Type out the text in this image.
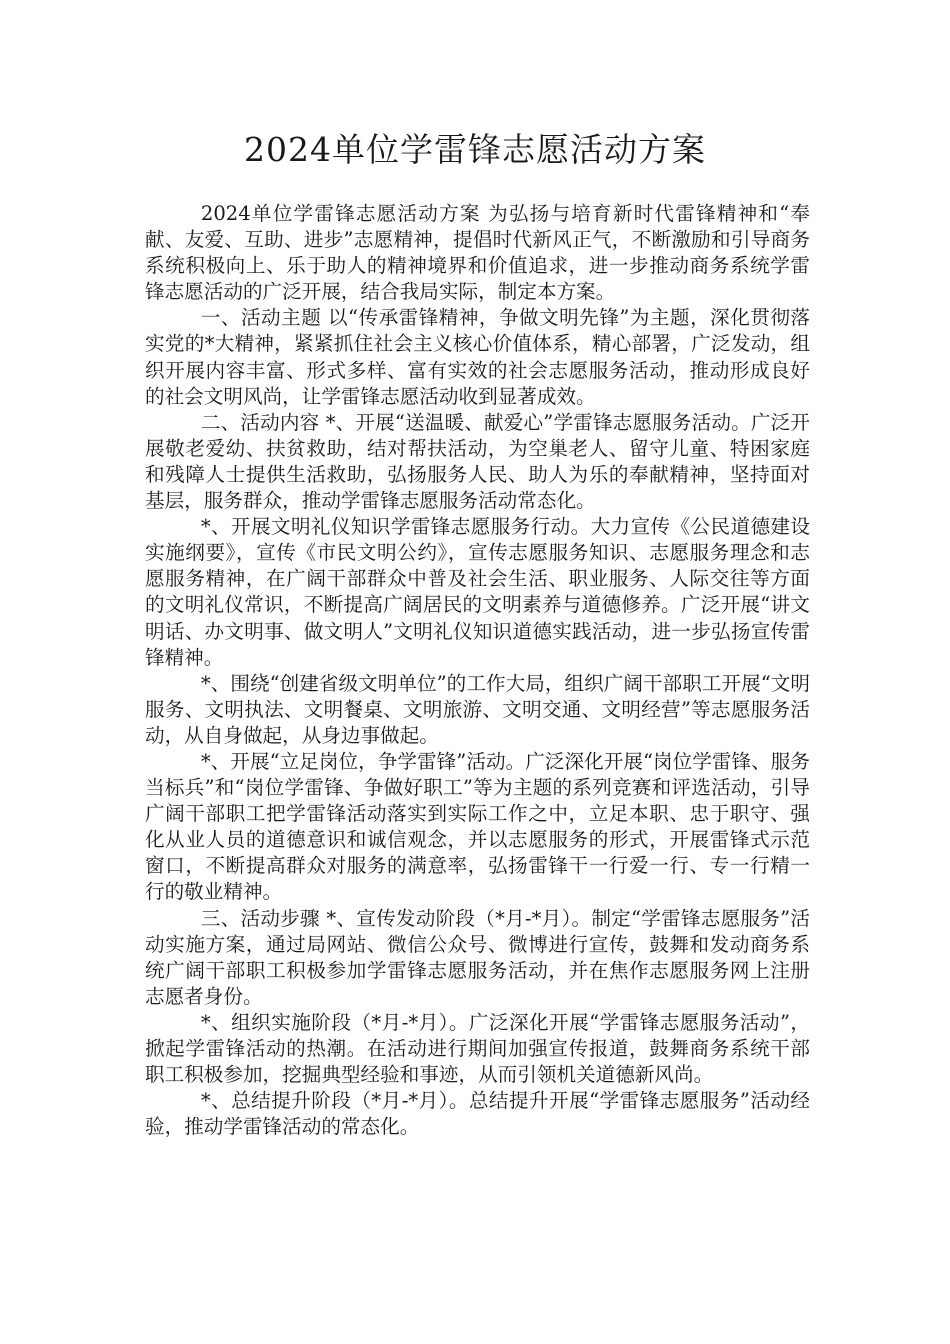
2024单位学雷锋志愿活动方案

2024单位学雷锋志愿活动方案 为弘扬与培育新时代雷锋精神和“奉献、友爱、互助、进步”志愿精神，提倡时代新风正气，不断激励和引导商务系统积极向上、乐于助人的精神境界和价值追求，进一步推动商务系统学雷锋志愿活动的广泛开展，结合我局实际，制定本方案。

一、活动主题 以“传承雷锋精神，争做文明先锋”为主题，深化贯彻落实党的*大精神，紧紧抓住社会主义核心价值体系，精心部署，广泛发动，组织开展内容丰富、形式多样、富有实效的社会志愿服务活动，推动形成良好的社会文明风尚，让学雷锋志愿活动收到显著成效。

二、活动内容 *、开展“送温暖、献爱心”学雷锋志愿服务活动。广泛开展敬老爱幼、扶贫救助，结对帮扶活动，为空巢老人、留守儿童、特困家庭和残障人士提供生活救助，弘扬服务人民、助人为乐的奉献精神，坚持面对基层，服务群众，推动学雷锋志愿服务活动常态化。

*、开展文明礼仪知识学雷锋志愿服务行动。大力宣传《公民道德建设实施纲要》，宣传《市民文明公约》，宣传志愿服务知识、志愿服务理念和志愿服务精神，在广阔干部群众中普及社会生活、职业服务、人际交往等方面的文明礼仪常识，不断提高广阔居民的文明素养与道德修养。广泛开展“讲文明话、办文明事、做文明人”文明礼仪知识道德实践活动，进一步弘扬宣传雷锋精神。

*、围绕“创建省级文明单位”的工作大局，组织广阔干部职工开展“文明服务、文明执法、文明餐桌、文明旅游、文明交通、文明经营”等志愿服务活动，从自身做起，从身边事做起。

*、开展“立足岗位，争学雷锋”活动。广泛深化开展“岗位学雷锋、服务当标兵”和“岗位学雷锋、争做好职工”等为主题的系列竞赛和评选活动，引导广阔干部职工把学雷锋活动落实到实际工作之中，立足本职、忠于职守、强化从业人员的道德意识和诚信观念，并以志愿服务的形式，开展雷锋式示范窗口，不断提高群众对服务的满意率，弘扬雷锋干一行爱一行、专一行精一行的敬业精神。

三、活动步骤 *、宣传发动阶段（*月-*月）。制定“学雷锋志愿服务”活动实施方案，通过局网站、微信公众号、微博进行宣传，鼓舞和发动商务系统广阔干部职工积极参加学雷锋志愿服务活动，并在焦作志愿服务网上注册志愿者身份。

*、组织实施阶段（*月-*月）。广泛深化开展“学雷锋志愿服务活动”，掀起学雷锋活动的热潮。在活动进行期间加强宣传报道，鼓舞商务系统干部职工积极参加，挖掘典型经验和事迹，从而引领机关道德新风尚。

*、总结提升阶段（*月-*月）。总结提升开展“学雷锋志愿服务”活动经验，推动学雷锋活动的常态化。
